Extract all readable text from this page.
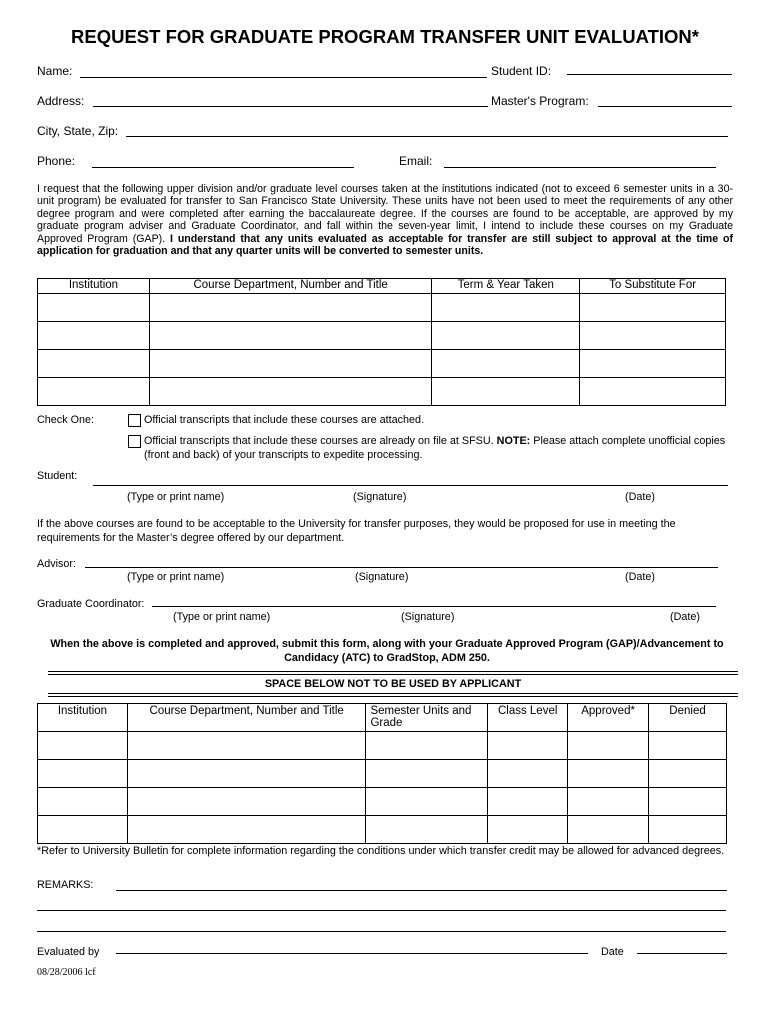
REQUEST FOR GRADUATE PROGRAM TRANSFER UNIT EVALUATION*
Name:	Student ID:
Address:	Master's Program:
City, State, Zip:
Phone:	Email:
I request that the following upper division and/or graduate level courses taken at the institutions indicated (not to exceed 6 semester units in a 30-unit program) be evaluated for transfer to San Francisco State University. These units have not been used to meet the requirements of any other degree program and were completed after earning the baccalaureate degree. If the courses are found to be acceptable, are approved by my graduate program adviser and Graduate Coordinator, and fall within the seven-year limit, I intend to include these courses on my Graduate Approved Program (GAP). I understand that any units evaluated as acceptable for transfer are still subject to approval at the time of application for graduation and that any quarter units will be converted to semester units.
Institution	Course Department, Number and Title	Term & Year Taken	To Substitute For

Check One:	Official transcripts that include these courses are attached.
Official transcripts that include these courses are already on file at SFSU. NOTE: Please attach complete unofficial copies (front and back) of your transcripts to expedite processing.
Student:
(Type or print name)	(Signature)	(Date)
If the above courses are found to be acceptable to the University for transfer purposes, they would be proposed for use in meeting the requirements for the Master’s degree offered by our department.
Advisor:
(Type or print name)	(Signature)	(Date)
Graduate Coordinator:
(Type or print name)	(Signature)	(Date)
When the above is completed and approved, submit this form, along with your Graduate Approved Program (GAP)/Advancement to Candidacy (ATC) to GradStop, ADM 250.
SPACE BELOW NOT TO BE USED BY APPLICANT
Institution	Course Department, Number and Title	Semester Units and Grade	Class Level	Approved*	Denied

*Refer to University Bulletin for complete information regarding the conditions under which transfer credit may be allowed for advanced degrees.
REMARKS:
Evaluated by	Date
08/28/2006 lcf
